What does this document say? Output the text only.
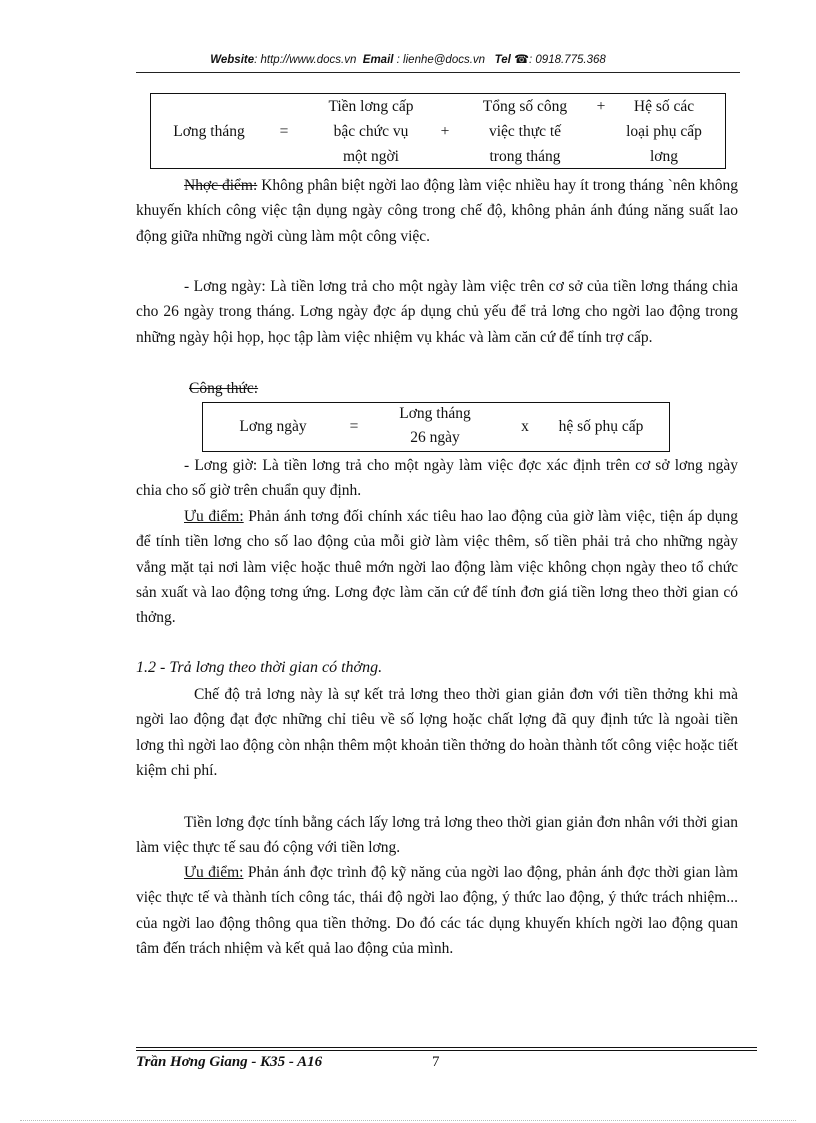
Website: http://www.docs.vn Email : lienhe@docs.vn Tel ☎: 0918.775.368
Lơng tháng	=
Tiền lơng cấp
bậc chức vụ
một ngời
+
Tổng số công
việc thực tế
trong tháng
+	Hệ số các
loại phụ cấp
lơng
Nhợc điểm: Không phân biệt ngời lao động làm việc nhiều hay ít trong tháng `nên không khuyến khích công việc tận dụng ngày công trong chế độ, không phản ánh đúng năng suất lao động giữa những ngời cùng làm một công việc.
- Lơng ngày: Là tiền lơng trả cho một ngày làm việc trên cơ sở của tiền lơng tháng chia cho 26 ngày trong tháng. Lơng ngày đợc áp dụng chủ yếu để trả lơng cho ngời lao động trong những ngày hội họp, học tập làm việc nhiệm vụ khác và làm căn cứ để tính trợ cấp.
Công thức:
Lơng ngày	=
Lơng tháng
26 ngày
x	hệ số phụ cấp
- Lơng giờ: Là tiền lơng trả cho một ngày làm việc đợc xác định trên cơ sở lơng ngày chia cho số giờ trên chuẩn quy định.
Ưu điểm: Phản ánh tơng đối chính xác tiêu hao lao động của giờ làm việc, tiện áp dụng để tính tiền lơng cho số lao động của mỗi giờ làm việc thêm, số tiền phải trả cho những ngày vắng mặt tại nơi làm việc hoặc thuê mớn ngời lao động làm việc không chọn ngày theo tổ chức sản xuất và lao động tơng ứng. Lơng đợc làm căn cứ để tính đơn giá tiền lơng theo thời gian có thởng.
1.2 - Trả lơng theo thời gian có thởng.
Chế độ trả lơng này là sự kết trả lơng theo thời gian giản đơn với tiền thởng khi mà ngời lao động đạt đợc những chỉ tiêu về số lợng hoặc chất lợng đã quy định tức là ngoài tiền lơng thì ngời lao động còn nhận thêm một khoản tiền thởng do hoàn thành tốt công việc hoặc tiết kiệm chi phí.
Tiền lơng đợc tính bằng cách lấy lơng trả lơng theo thời gian giản đơn nhân với thời gian làm việc thực tế sau đó cộng với tiền lơng.
Ưu điểm: Phản ánh đợc trình độ kỹ năng của ngời lao động, phản ánh đợc thời gian làm việc thực tế và thành tích công tác, thái độ ngời lao động, ý thức lao động, ý thức trách nhiệm... của ngời lao động thông qua tiền thởng. Do đó các tác dụng khuyến khích ngời lao động quan tâm đến trách nhiệm và kết quả lao động của mình.
Trần Hơng Giang - K35 - A16	7
